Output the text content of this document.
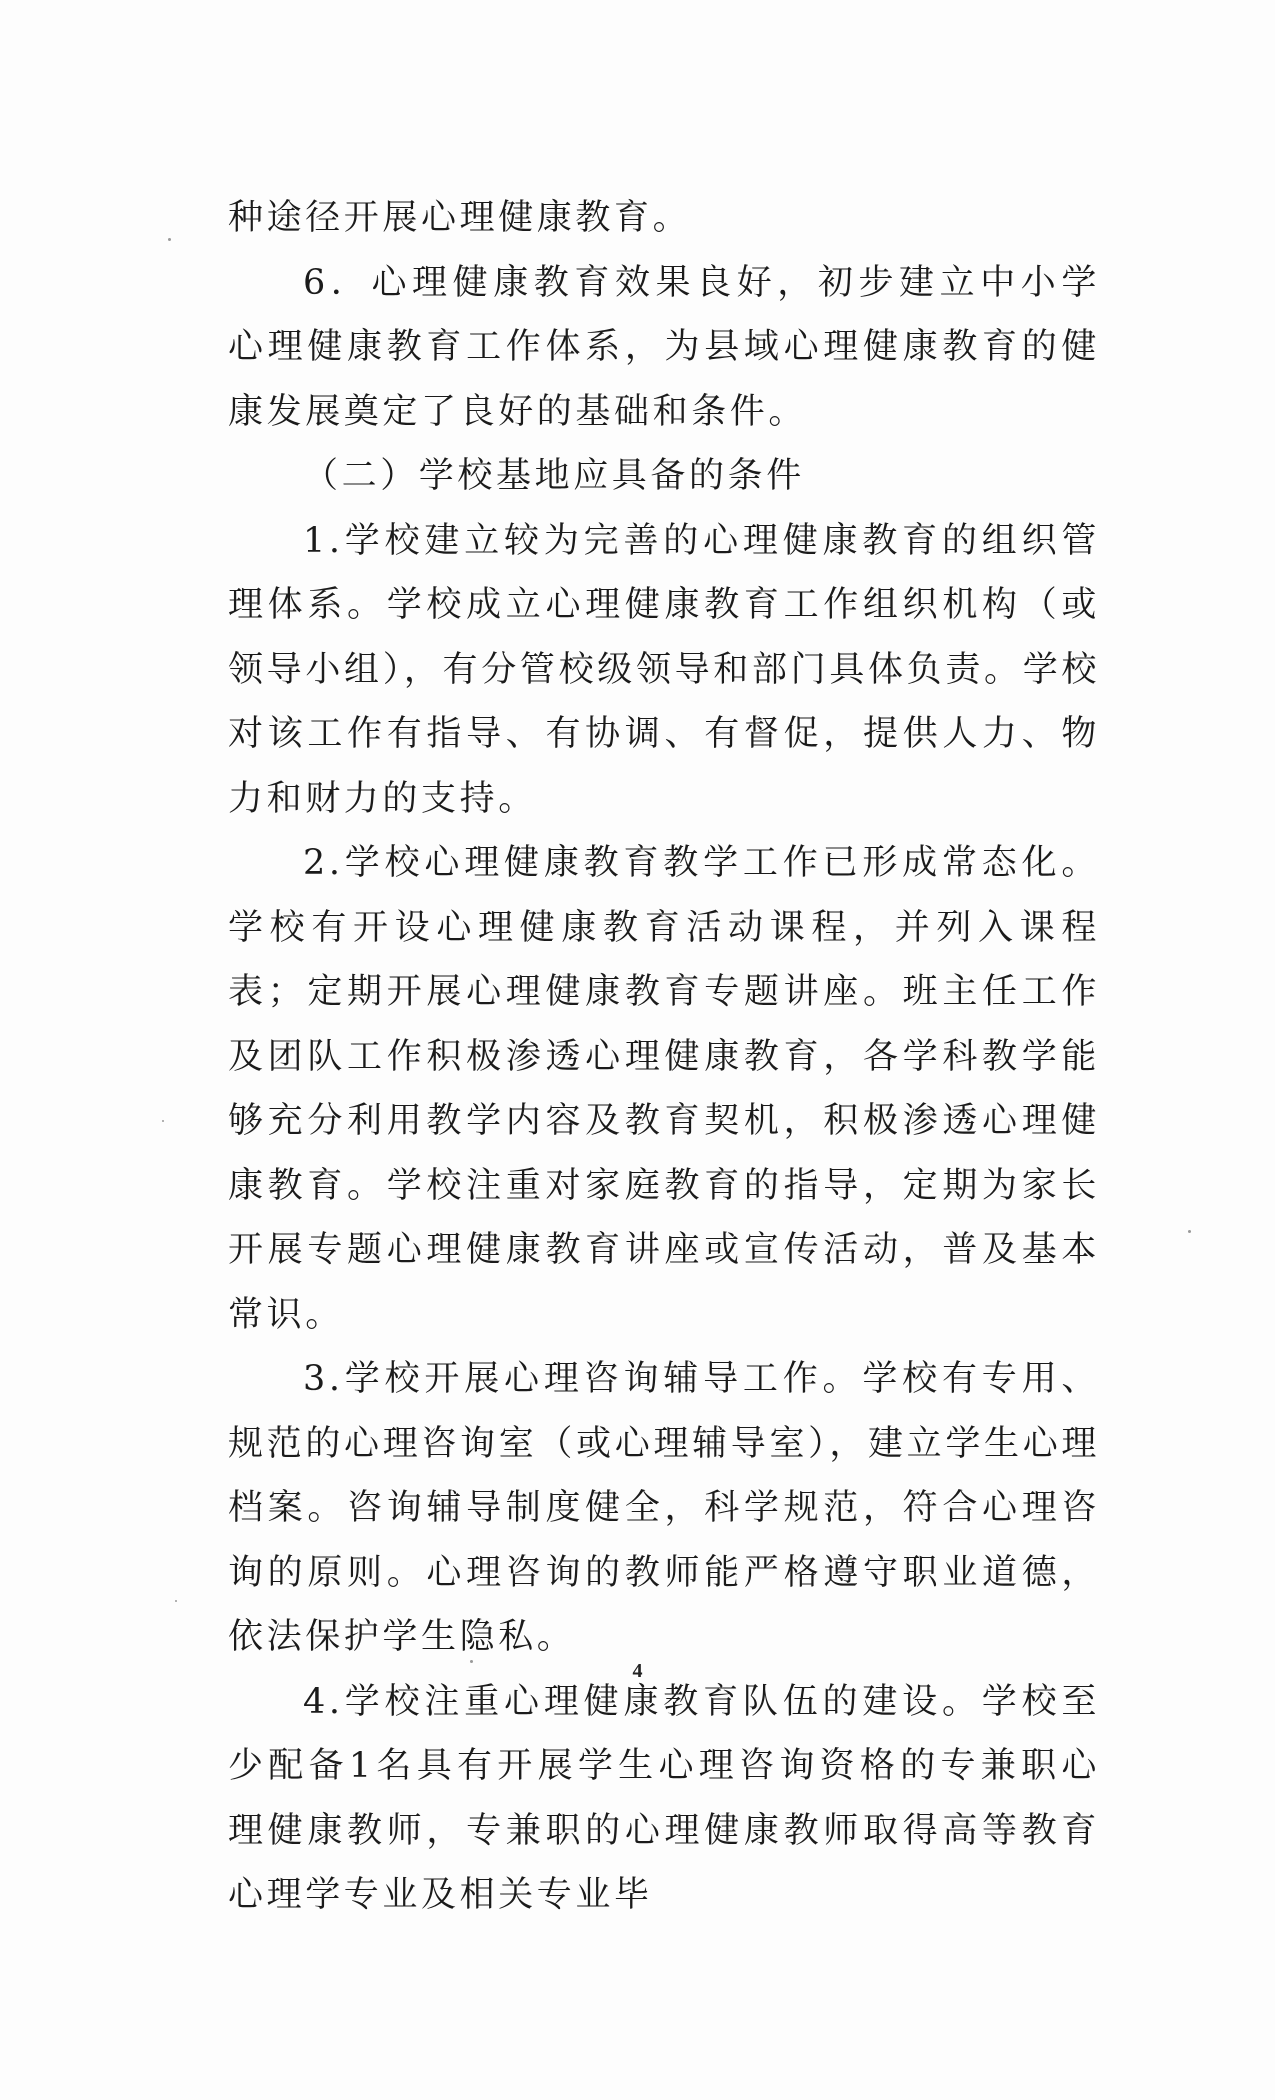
种途径开展心理健康教育。

6．心理健康教育效果良好，初步建立中小学心理健康教育工作体系，为县域心理健康教育的健康发展奠定了良好的基础和条件。

（二）学校基地应具备的条件

1.学校建立较为完善的心理健康教育的组织管理体系。学校成立心理健康教育工作组织机构（或领导小组），有分管校级领导和部门具体负责。学校对该工作有指导、有协调、有督促，提供人力、物力和财力的支持。

2.学校心理健康教育教学工作已形成常态化。学校有开设心理健康教育活动课程，并列入课程表；定期开展心理健康教育专题讲座。班主任工作及团队工作积极渗透心理健康教育，各学科教学能够充分利用教学内容及教育契机，积极渗透心理健康教育。学校注重对家庭教育的指导，定期为家长开展专题心理健康教育讲座或宣传活动，普及基本常识。

3.学校开展心理咨询辅导工作。学校有专用、规范的心理咨询室（或心理辅导室），建立学生心理档案。咨询辅导制度健全，科学规范，符合心理咨询的原则。心理咨询的教师能严格遵守职业道德，依法保护学生隐私。

4.学校注重心理健康教育队伍的建设。学校至少配备1名具有开展学生心理咨询资格的专兼职心理健康教师，专兼职的心理健康教师取得高等教育心理学专业及相关专业毕

4
